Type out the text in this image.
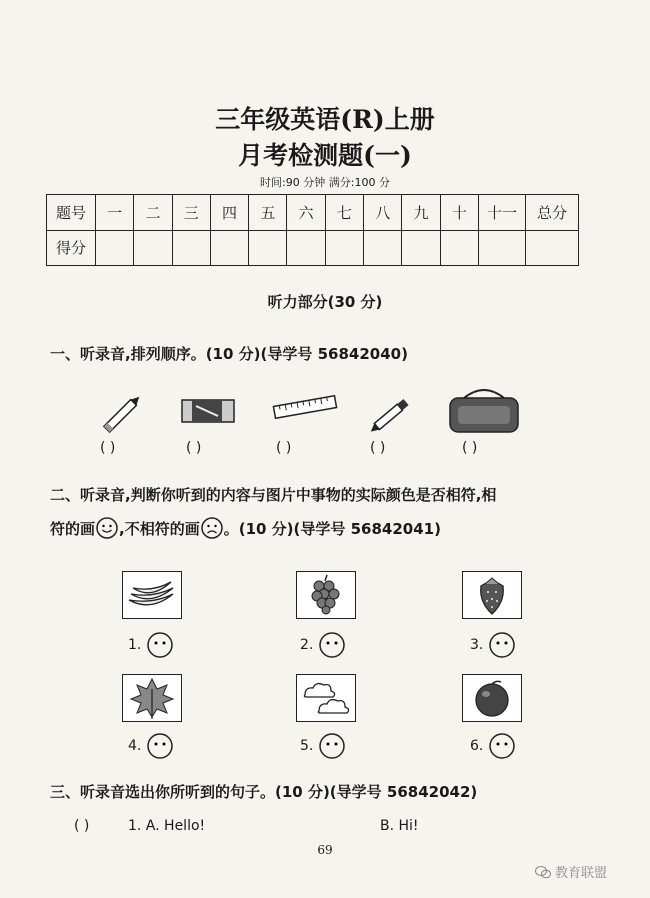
三年级英语(R)上册
月考检测题(一)
时间:90 分钟 满分:100 分
题号	一	二	三	四	五	六	七	八	九	十	十一	总分
得分												
听力部分(30 分)
一、听录音,排列顺序。(10 分)(导学号 56842040)
( )	( )	( )	( )	( )
二、听录音,判断你听到的内容与图片中事物的实际颜色是否相符,相
符的画 ,不相符的画 。(10 分)(导学号 56842041)
1.	2.	3.
4.	5.	6.
三、听录音选出你所听到的句子。(10 分)(导学号 56842042)
( )	1. A. Hello!	B. Hi!
69
教育联盟
